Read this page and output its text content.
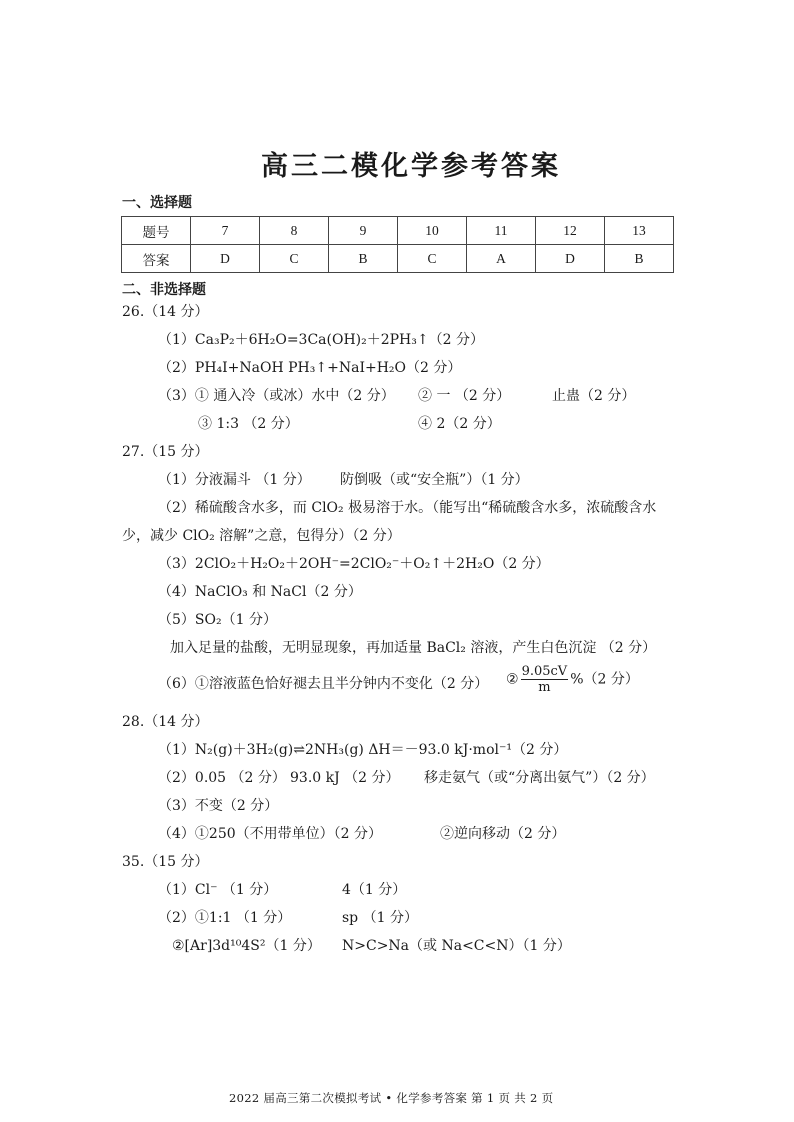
高三二模化学参考答案
一、选择题
题号	7	8	9	10	11	12	13
答案	D	C	B	C	A	D	B
二、非选择题
26.（14 分）
（1）Ca₃P₂＋6H₂O=3Ca(OH)₂＋2PH₃↑（2 分）
（2）PH₄I+NaOH PH₃↑+NaI+H₂O（2 分）
（3）① 通入冷（或冰）水中（2 分） ② 一 （2 分）	止蛊（2 分）
③ 1:3 （2 分）	④ 2（2 分）
27.（15 分）
（1）分液漏斗 （1 分） 防倒吸（或“安全瓶”）（1 分）
（2）稀硫酸含水多，而 ClO₂ 极易溶于水。（能写出“稀硫酸含水多，浓硫酸含水
少，减少 ClO₂ 溶解”之意，包得分）（2 分）
（3）2ClO₂＋H₂O₂＋2OH⁻=2ClO₂⁻＋O₂↑＋2H₂O（2 分）
（4）NaClO₃ 和 NaCl（2 分）
（5）SO₂（1 分）
加入足量的盐酸，无明显现象，再加适量 BaCl₂ 溶液，产生白色沉淀 （2 分）
（6）①溶液蓝色恰好褪去且半分钟内不变化（2 分） ② $\frac{9.05cV}{m} \%(2$ 分）
28.（14 分）
（1）N₂(g)＋3H₂(g)⇌2NH₃(g) ΔH＝－93.0 kJ·mol⁻¹（2 分）
（2）0.05 （2 分） 93.0 kJ （2 分） 移走氨气（或“分离出氨气”）（2 分）
（3）不变（2 分）
（4）①250（不用带单位）（2 分）	②逆向移动（2 分）
35.（15 分）
（1）Cl⁻ （1 分）	4（1 分）
（2）①1:1 （1 分）	sp （1 分）
②[Ar]3d¹⁰4S²（1 分） N>C>Na（或 Na<C<N）（1 分）
2022 届高三第二次模拟考试 • 化学参考答案 第 1 页 共 2 页
